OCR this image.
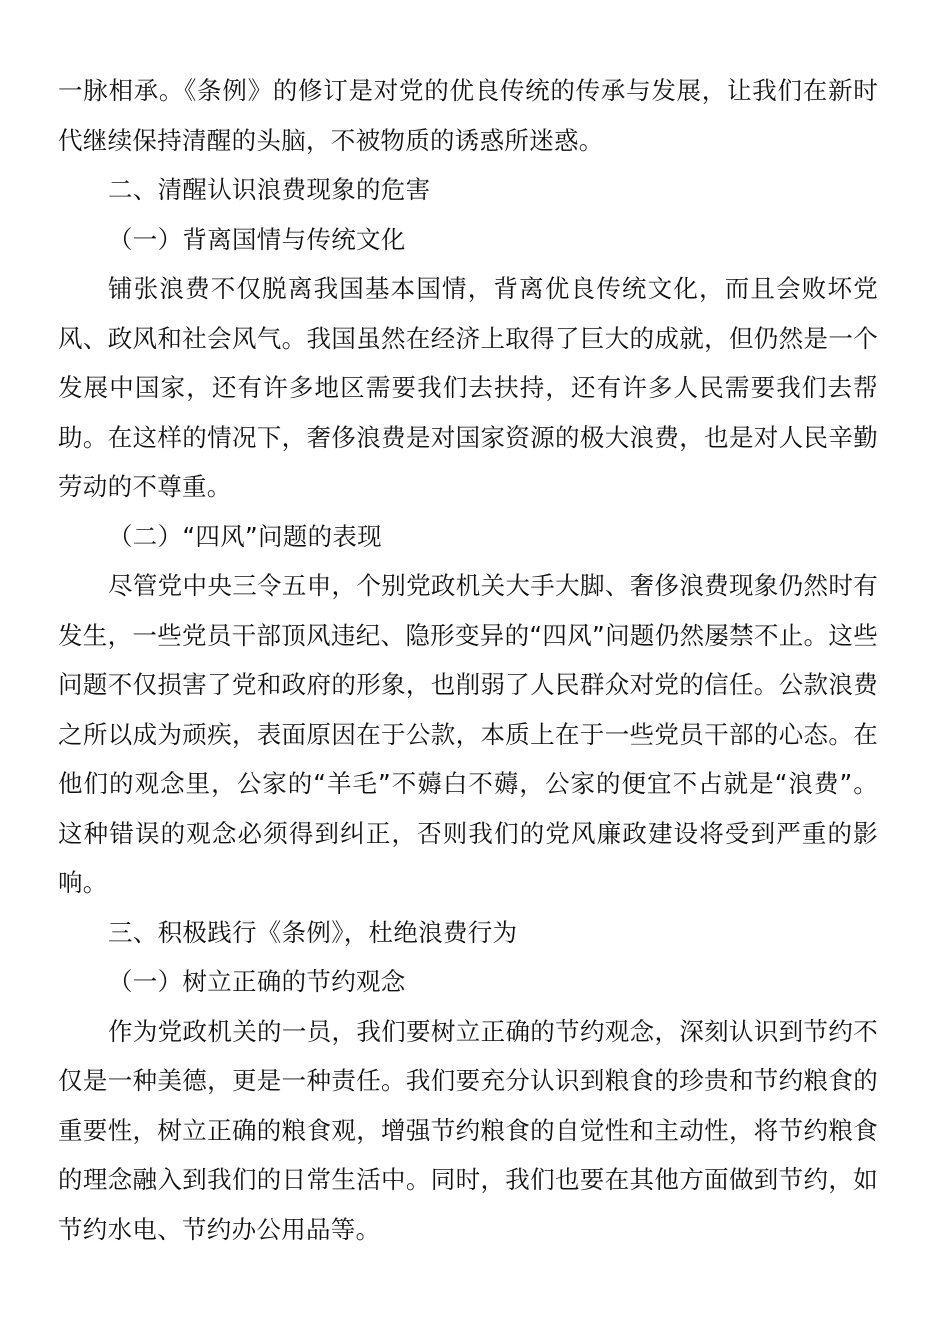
一脉相承。《条例》的修订是对党的优良传统的传承与发展，让我们在新时代继续保持清醒的头脑，不被物质的诱惑所迷惑。

二、清醒认识浪费现象的危害

（一）背离国情与传统文化

铺张浪费不仅脱离我国基本国情，背离优良传统文化，而且会败坏党风、政风和社会风气。我国虽然在经济上取得了巨大的成就，但仍然是一个发展中国家，还有许多地区需要我们去扶持，还有许多人民需要我们去帮助。在这样的情况下，奢侈浪费是对国家资源的极大浪费，也是对人民辛勤劳动的不尊重。

（二）“四风”问题的表现

尽管党中央三令五申，个别党政机关大手大脚、奢侈浪费现象仍然时有发生，一些党员干部顶风违纪、隐形变异的“四风”问题仍然屡禁不止。这些问题不仅损害了党和政府的形象，也削弱了人民群众对党的信任。公款浪费之所以成为顽疾，表面原因在于公款，本质上在于一些党员干部的心态。在他们的观念里，公家的“羊毛”不薅白不薅，公家的便宜不占就是“浪费”。这种错误的观念必须得到纠正，否则我们的党风廉政建设将受到严重的影响。

三、积极践行《条例》，杜绝浪费行为

（一）树立正确的节约观念

作为党政机关的一员，我们要树立正确的节约观念，深刻认识到节约不仅是一种美德，更是一种责任。我们要充分认识到粮食的珍贵和节约粮食的重要性，树立正确的粮食观，增强节约粮食的自觉性和主动性，将节约粮食的理念融入到我们的日常生活中。同时，我们也要在其他方面做到节约，如节约水电、节约办公用品等。
